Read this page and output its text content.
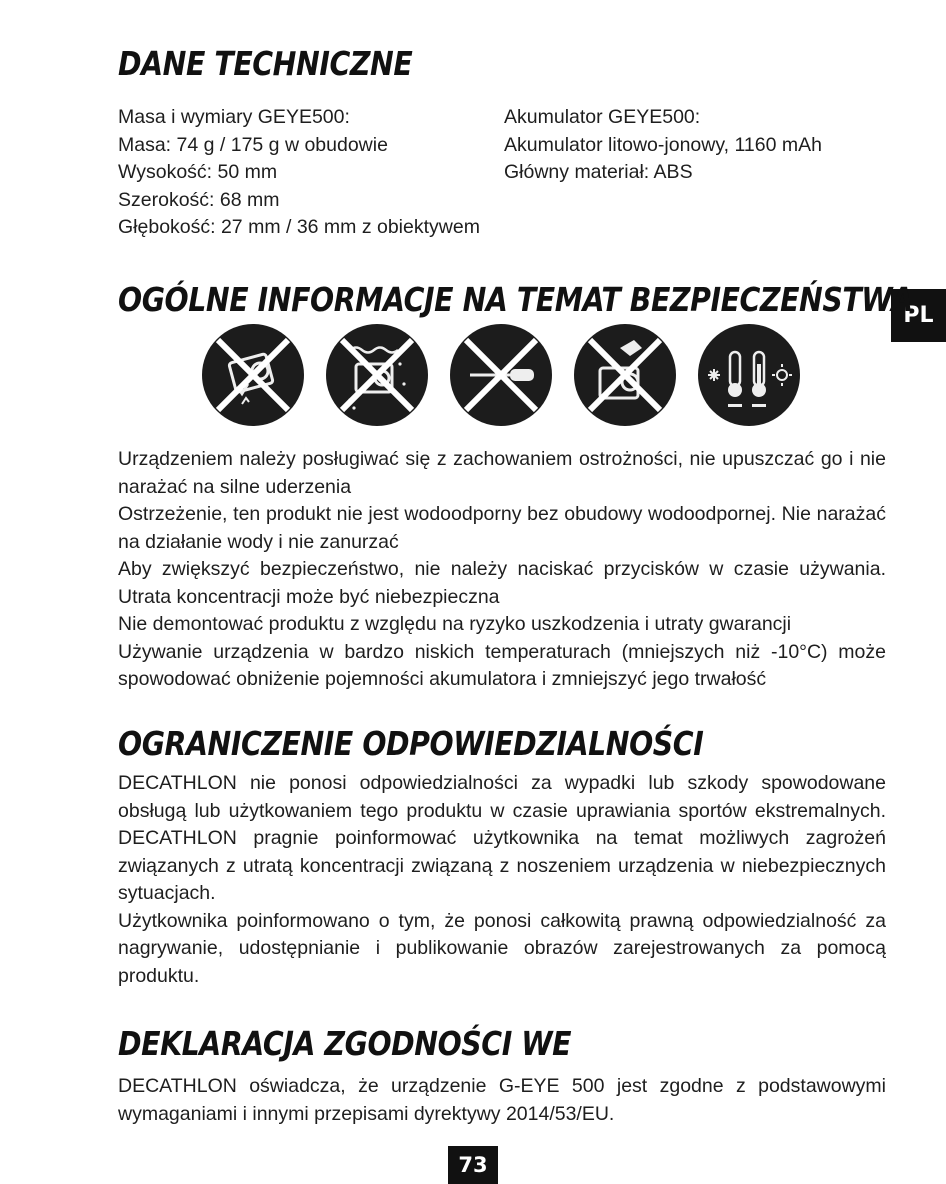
DANE TECHNICZNE
Masa i wymiary GEYE500:
Masa: 74 g / 175 g w obudowie
Wysokość: 50 mm
Szerokość: 68 mm
Głębokość: 27 mm / 36 mm z obiektywem
Akumulator GEYE500:
Akumulator litowo-jonowy, 1160 mAh
Główny materiał: ABS
PL
OGÓLNE INFORMACJE NA TEMAT BEZPIECZEŃSTWA

Urządzeniem należy posługiwać się z zachowaniem ostrożności, nie upuszczać go i nie narażać na silne uderzenia

Ostrzeżenie, ten produkt nie jest wodoodporny bez obudowy wodoodpornej. Nie narażać na działanie wody i nie zanurzać

Aby zwiększyć bezpieczeństwo, nie należy naciskać przycisków w czasie używania. Utrata koncentracji może być niebezpieczna

Nie demontować produktu z względu na ryzyko uszkodzenia i utraty gwarancji

Używanie urządzenia w bardzo niskich temperaturach (mniejszych niż -10°C) może spowodować obniżenie pojemności akumulatora i zmniejszyć jego trwałość

OGRANICZENIE ODPOWIEDZIALNOŚCI

DECATHLON nie ponosi odpowiedzialności za wypadki lub szkody spowodowane obsługą lub użytkowaniem tego produktu w czasie uprawiania sportów ekstremalnych. DECATHLON pragnie poinformować użytkownika na temat możliwych zagrożeń związanych z utratą koncentracji związaną z noszeniem urządzenia w niebezpiecznych sytuacjach.

Użytkownika poinformowano o tym, że ponosi całkowitą prawną odpowiedzialność za nagrywanie, udostępnianie i publikowanie obrazów zarejestrowanych za pomocą produktu.

DEKLARACJA ZGODNOŚCI WE

DECATHLON oświadcza, że urządzenie G-EYE 500 jest zgodne z podstawowymi wymaganiami i innymi przepisami dyrektywy 2014/53/EU.

73
